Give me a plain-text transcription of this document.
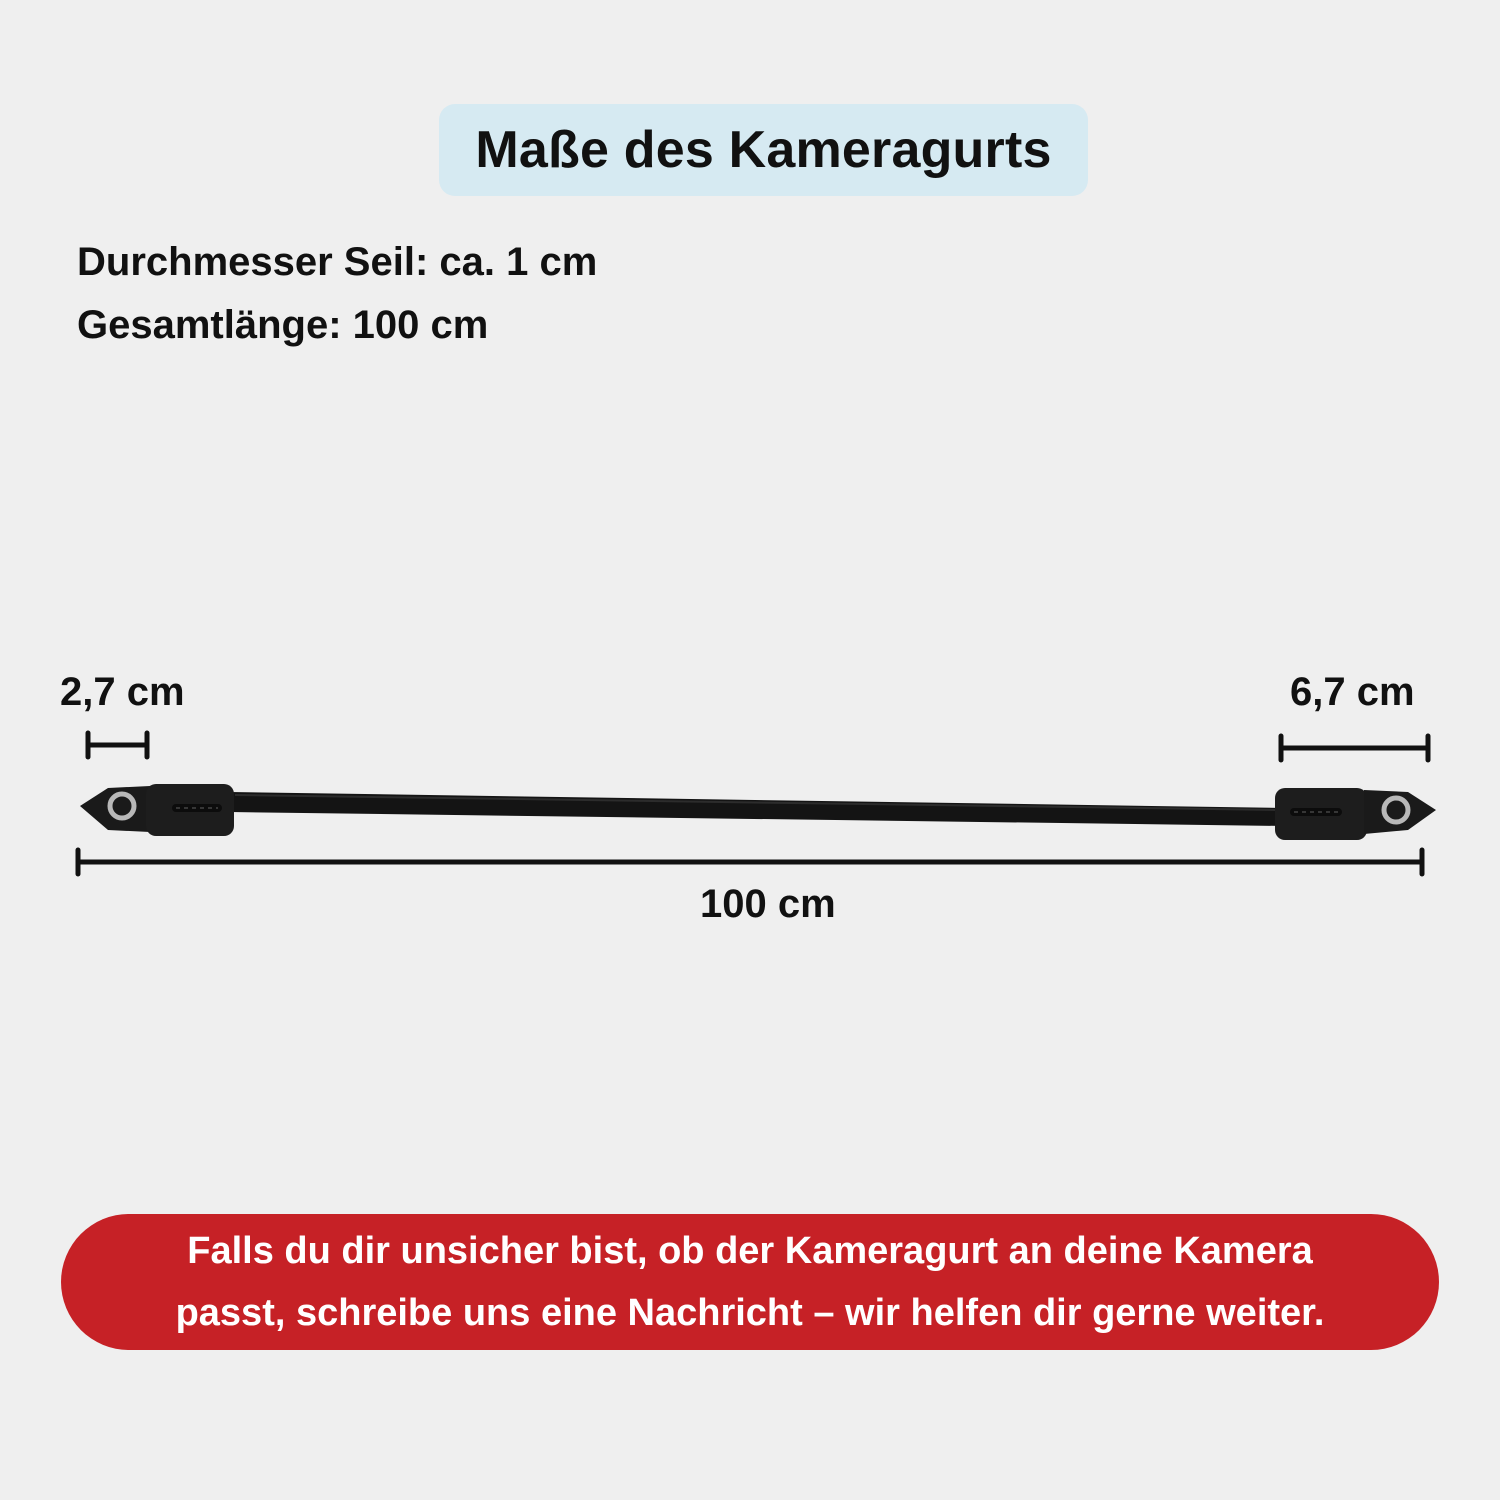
Maße des Kameragurts
Durchmesser Seil: ca. 1 cm
Gesamtlänge: 100 cm
2,7 cm	6,7 cm
100 cm

Falls du dir unsicher bist, ob der Kameragurt an deine Kamera
passt, schreibe uns eine Nachricht – wir helfen dir gerne weiter.
